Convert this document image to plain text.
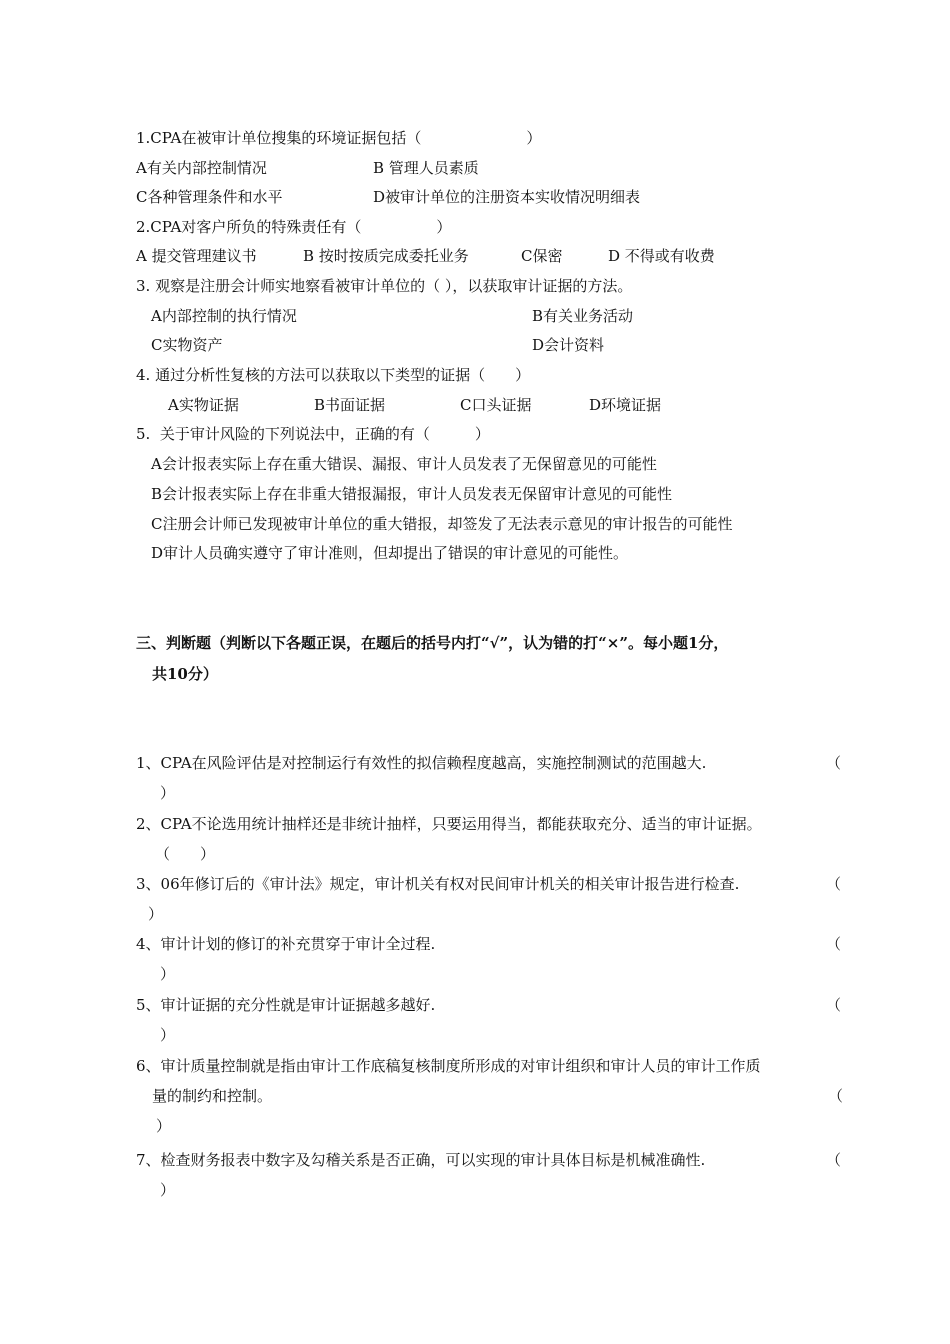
1.CPA在被审计单位搜集的环境证据包括（　　　　　　　）
A有关内部控制情况	B 管理人员素质
C各种管理条件和水平	D被审计单位的注册资本实收情况明细表
2.CPA对客户所负的特殊责任有（　　　　　）
A 提交管理建议书	B 按时按质完成委托业务	C保密	D 不得或有收费
3. 观察是注册会计师实地察看被审计单位的（ ），以获取审计证据的方法。
A内部控制的执行情况	B有关业务活动
C实物资产	D会计资料
4. 通过分析性复核的方法可以获取以下类型的证据（　　）
A实物证据	B书面证据	C口头证据	D环境证据
5.  关于审计风险的下列说法中，正确的有（　　　）
A会计报表实际上存在重大错误、漏报、审计人员发表了无保留意见的可能性
B会计报表实际上存在非重大错报漏报，审计人员发表无保留审计意见的可能性
C注册会计师已发现被审计单位的重大错报，却签发了无法表示意见的审计报告的可能性
D审计人员确实遵守了审计准则，但却提出了错误的审计意见的可能性。
三、判断题（判断以下各题正误，在题后的括号内打“√”，认为错的打“×”。每小题1分，
共10分）
1、CPA在风险评估是对控制运行有效性的拟信赖程度越高，实施控制测试的范围越大.	（
）
2、CPA不论选用统计抽样还是非统计抽样，只要运用得当，都能获取充分、适当的审计证据。
（　　）
3、06年修订后的《审计法》规定，审计机关有权对民间审计机关的相关审计报告进行检查.	（
）
4、审计计划的修订的补充贯穿于审计全过程.	（
）
5、审计证据的充分性就是审计证据越多越好.	（
）
6、审计质量控制就是指由审计工作底稿复核制度所形成的对审计组织和审计人员的审计工作质
量的制约和控制。	（
）
7、检查财务报表中数字及勾稽关系是否正确，可以实现的审计具体目标是机械准确性.	（
）
